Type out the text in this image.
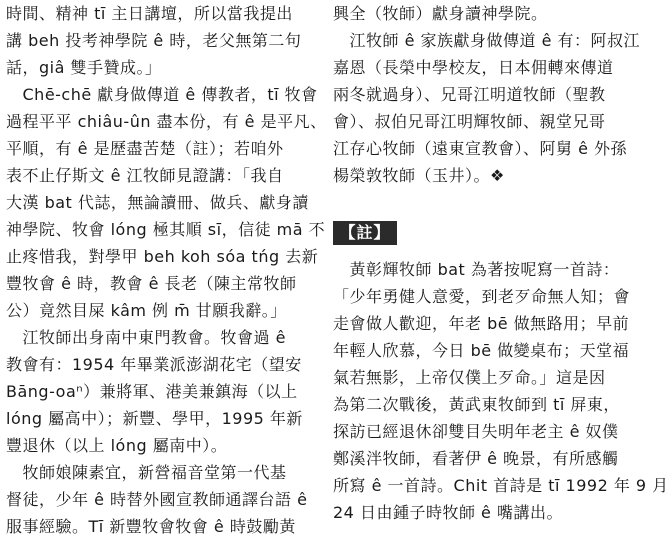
時間、精神 tī 主日講壇，所以當我提出
講 beh 投考神學院 ê 時，老父無第二句
話，giâ 雙手贊成。」
　Chē-chē 獻身做傳道 ê 傳教者，tī 牧會
過程平平 chiâu-ûn 盡本份，有 ê 是平凡、
平順，有 ê 是歷盡苦楚（註）；若咱外
表不止仔斯文 ê 江牧師見證講：「我自
大漢 bat 代誌，無論讀冊、做兵、獻身讀
神學院、牧會 lóng 極其順 sī，信徒 mā 不
止疼惜我，對學甲 beh koh sóa tńg 去新
豐牧會 ê 時，教會 ê 長老（陳主常牧師
公）竟然目屎 kâm 例 m̄ 甘願我辭。」
　江牧師出身南中東門教會。牧會過 ê
教會有：1954 年畢業派澎湖花宅（望安
Bāng-oaⁿ）兼將軍、港美兼鎮海（以上
lóng 屬高中）；新豐、學甲，1995 年新
豐退休（以上 lóng 屬南中）。
　牧師娘陳素宜，新營福音堂第一代基
督徒，少年 ê 時替外國宣教師通譯台語 ê
服事經驗。Tī 新豐牧會牧會 ê 時鼓勵黃
興全（牧師）獻身讀神學院。
　江牧師 ê 家族獻身做傳道 ê 有：阿叔江
嘉恩（長榮中學校友，日本佣轉來傳道
兩冬就過身）、兄哥江明道牧師（聖教
會）、叔伯兄哥江明輝牧師、親堂兄哥
江存心牧師（遠東宣教會）、阿舅 ê 外孫
楊榮敦牧師（玉井）。❖
【註】
　黃彰輝牧師 bat 為著按呢寫一首詩：
「少年勇健人意愛，到老歹命無人知；會
走會做人歡迎，年老 bē 做無路用；早前
年輕人欣慕，今日 bē 做變桌布；天堂福
氣若無影，上帝仅僕上歹命。」這是因
為第二次戰後，黃武東牧師到 tī 屏東，
探訪已經退休卻雙目失明年老主 ê 奴僕
鄭溪泮牧師，看著伊 ê 晚景，有所感觸
所寫 ê 一首詩。Chit 首詩是 tī 1992 年 9 月
24 日由鍾子時牧師 ê 嘴講出。
